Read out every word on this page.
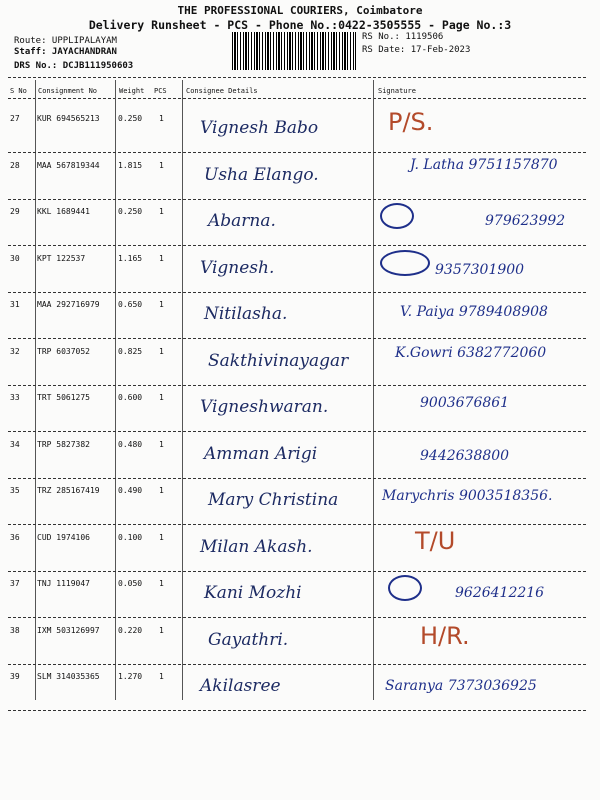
THE PROFESSIONAL COURIERS, Coimbatore
Delivery Runsheet - PCS - Phone No.:0422-3505555 - Page No.:3
Route: UPPLIPALAYAM
Staff: JAYACHANDRAN
DRS No.: DCJB111950603
RS No.: 1119506
RS Date: 17-Feb-2023
S No Consignment No	Weight PCS	Consignee Details	Signature
27 KUR 694565213 0.250 1 Vignesh Babo	P/S.
28 MAA 567819344 1.815 1 Usha Elango.	J. Latha 9751157870
29 KKL 1689441	0.250 1	Abarna.	979623992
30 KPT 122537	1.165 1 Vignesh.	9357301900
31 MAA 292716979 0.650 1 Nitilasha.	V. Paiya 9789408908
32 TRP 6037052	0.825 1	Sakthivinayagar	K.Gowri 6382772060
33 TRT 5061275	0.600 1 Vigneshwaran.	9003676861
34 TRP 5827382	0.480 1 Amman Arigi	9442638800
35 TRZ 285167419 0.490 1	Mary Christina	Marychris 9003518356.
36 CUD 1974106	0.100 1 Milan Akash.	T/U
37 TNJ 1119047	0.050 1 Kani Mozhi	9626412216
38 IXM 503126997 0.220 1	Gayathri.	H/R.
39 SLM 314035365 1.270 1 Akilasree	Saranya 7373036925
